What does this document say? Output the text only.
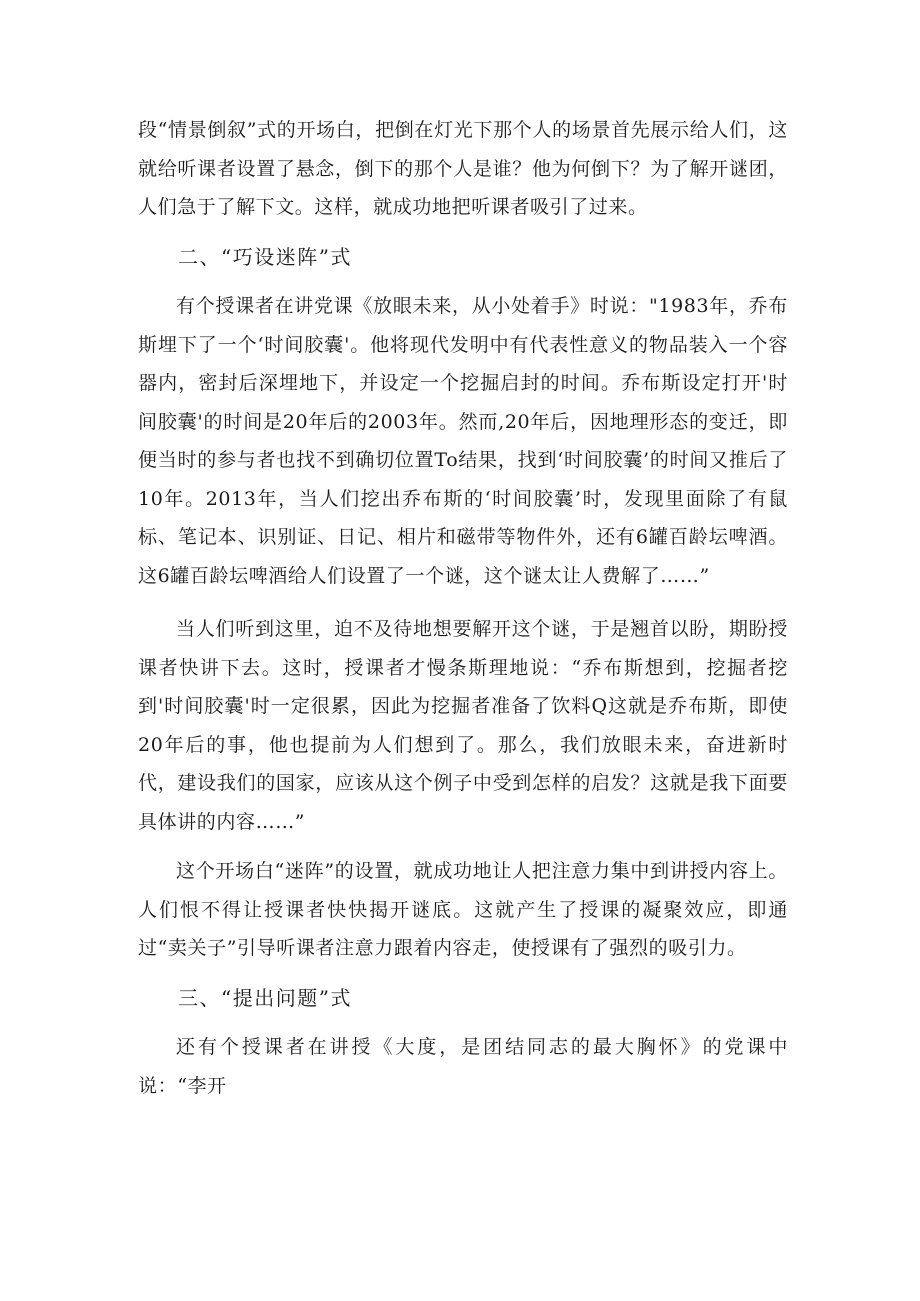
段“情景倒叙”式的开场白，把倒在灯光下那个人的场景首先展示给人们，这就给听课者设置了悬念，倒下的那个人是谁？他为何倒下？为了解开谜团，人们急于了解下文。这样，就成功地把听课者吸引了过来。

二、“巧设迷阵”式

有个授课者在讲党课《放眼未来，从小处着手》时说："1983年，乔布斯埋下了一个‘时间胶囊'。他将现代发明中有代表性意义的物品装入一个容器内，密封后深埋地下，并设定一个挖掘启封的时间。乔布斯设定打开'时间胶囊'的时间是20年后的2003年。然而,20年后，因地理形态的变迁，即便当时的参与者也找不到确切位置To结果，找到‘时间胶囊’的时间又推后了10年。2013年，当人们挖出乔布斯的‘时间胶囊’时，发现里面除了有鼠标、笔记本、识别证、日记、相片和磁带等物件外，还有6罐百龄坛啤酒。这6罐百龄坛啤酒给人们设置了一个谜，这个谜太让人费解了……”

当人们听到这里，迫不及待地想要解开这个谜，于是翘首以盼，期盼授课者快讲下去。这时，授课者才慢条斯理地说：“乔布斯想到，挖掘者挖到'时间胶囊'时一定很累，因此为挖掘者准备了饮料Q这就是乔布斯，即使20年后的事，他也提前为人们想到了。那么，我们放眼未来，奋进新时代，建设我们的国家，应该从这个例子中受到怎样的启发？这就是我下面要具体讲的内容……”

这个开场白“迷阵”的设置，就成功地让人把注意力集中到讲授内容上。人们恨不得让授课者快快揭开谜底。这就产生了授课的凝聚效应，即通过“卖关子”引导听课者注意力跟着内容走，使授课有了强烈的吸引力。

三、“提出问题”式

还有个授课者在讲授《大度，是团结同志的最大胸怀》的党课中说：“李开
